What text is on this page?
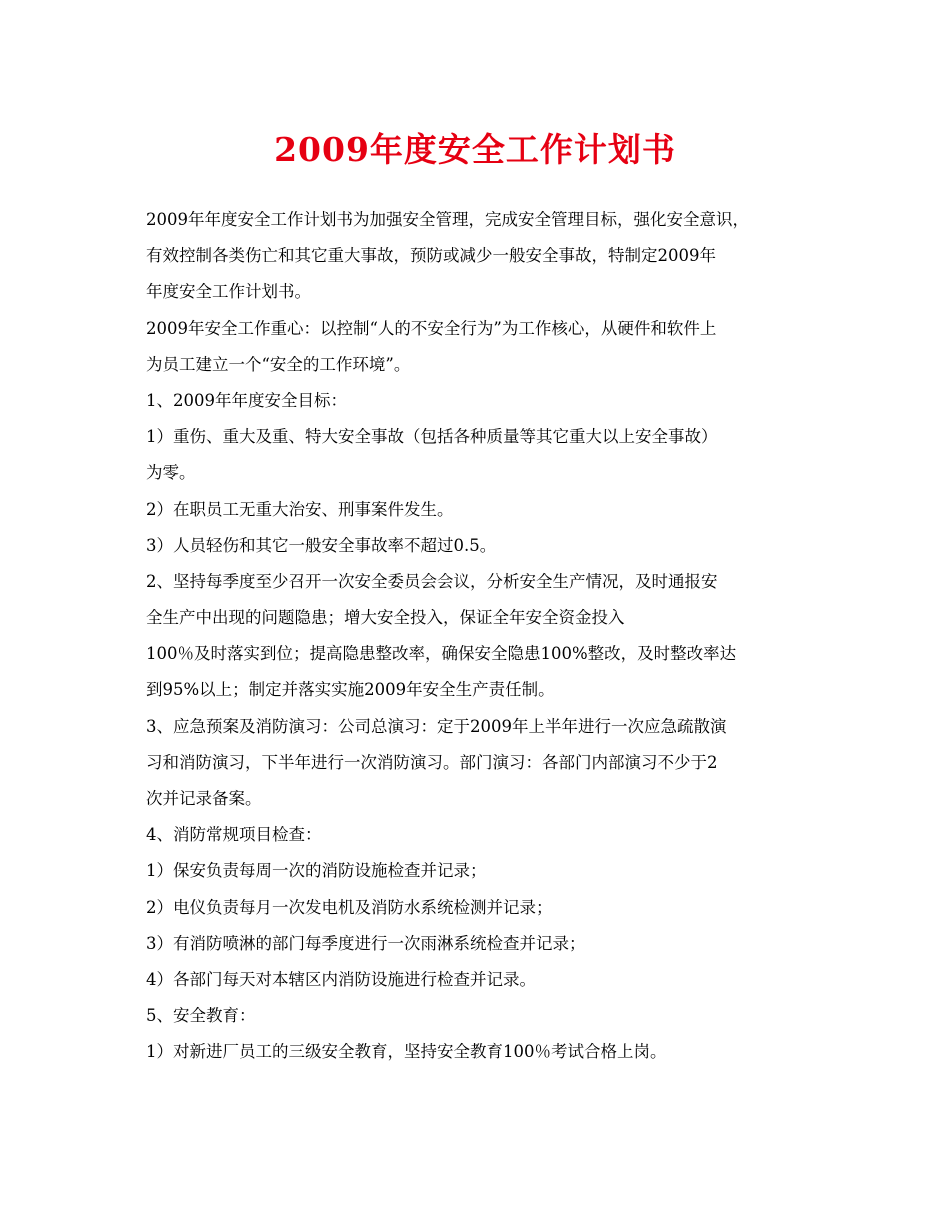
2009年度安全工作计划书
2009年年度安全工作计划书为加强安全管理，完成安全管理目标，强化安全意识，
有效控制各类伤亡和其它重大事故，预防或减少一般安全事故，特制定2009年
年度安全工作计划书。
2009年安全工作重心：以控制“人的不安全行为”为工作核心，从硬件和软件上
为员工建立一个“安全的工作环境”。
1、2009年年度安全目标：
1）重伤、重大及重、特大安全事故（包括各种质量等其它重大以上安全事故）
为零。
2）在职员工无重大治安、刑事案件发生。
3）人员轻伤和其它一般安全事故率不超过0.5。
2、坚持每季度至少召开一次安全委员会会议，分析安全生产情况，及时通报安
全生产中出现的问题隐患；增大安全投入，保证全年安全资金投入
100％及时落实到位；提高隐患整改率，确保安全隐患100%整改，及时整改率达
到95%以上；制定并落实实施2009年安全生产责任制。
3、应急预案及消防演习：公司总演习：定于2009年上半年进行一次应急疏散演
习和消防演习，下半年进行一次消防演习。部门演习：各部门内部演习不少于2
次并记录备案。
4、消防常规项目检查：
1）保安负责每周一次的消防设施检查并记录；
2）电仪负责每月一次发电机及消防水系统检测并记录；
3）有消防喷淋的部门每季度进行一次雨淋系统检查并记录；
4）各部门每天对本辖区内消防设施进行检查并记录。
5、安全教育：
1）对新进厂员工的三级安全教育，坚持安全教育100％考试合格上岗。
